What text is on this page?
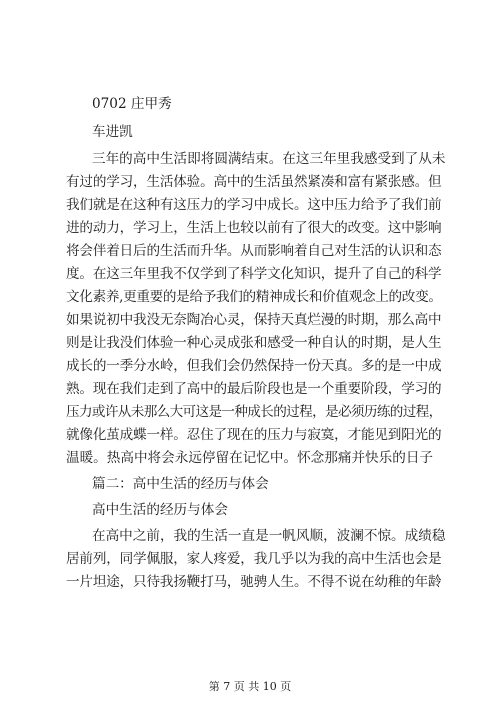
0702 庄甲秀
车进凯
三年的高中生活即将圆满结束。在这三年里我感受到了从未
有过的学习，生活体验。高中的生活虽然紧凑和富有紧张感。但
我们就是在这种有这压力的学习中成长。这中压力给予了我们前
进的动力，学习上，生活上也较以前有了很大的改变。这中影响
将会伴着日后的生活而升华。从而影响着自己对生活的认识和态
度。在这三年里我不仅学到了科学文化知识，提升了自己的科学
文化素养,更重要的是给予我们的精神成长和价值观念上的改变。
如果说初中我没无奈陶冶心灵，保持天真烂漫的时期，那么高中
则是让我没们体验一种心灵成张和感受一种自认的时期，是人生
成长的一季分水岭，但我们会仍然保持一份天真。多的是一中成
熟。现在我们走到了高中的最后阶段也是一个重要阶段，学习的
压力或许从未那么大可这是一种成长的过程，是必须历练的过程，
就像化茧成蝶一样。忍住了现在的压力与寂寞，才能见到阳光的
温暖。热高中将会永远停留在记忆中。怀念那痛并快乐的日子
篇二：高中生活的经历与体会
高中生活的经历与体会
在高中之前，我的生活一直是一帆风顺，波澜不惊。成绩稳
居前列，同学佩服，家人疼爱，我几乎以为我的高中生活也会是
一片坦途，只待我扬鞭打马，驰骋人生。不得不说在幼稚的年龄
第 7 页 共 10 页
